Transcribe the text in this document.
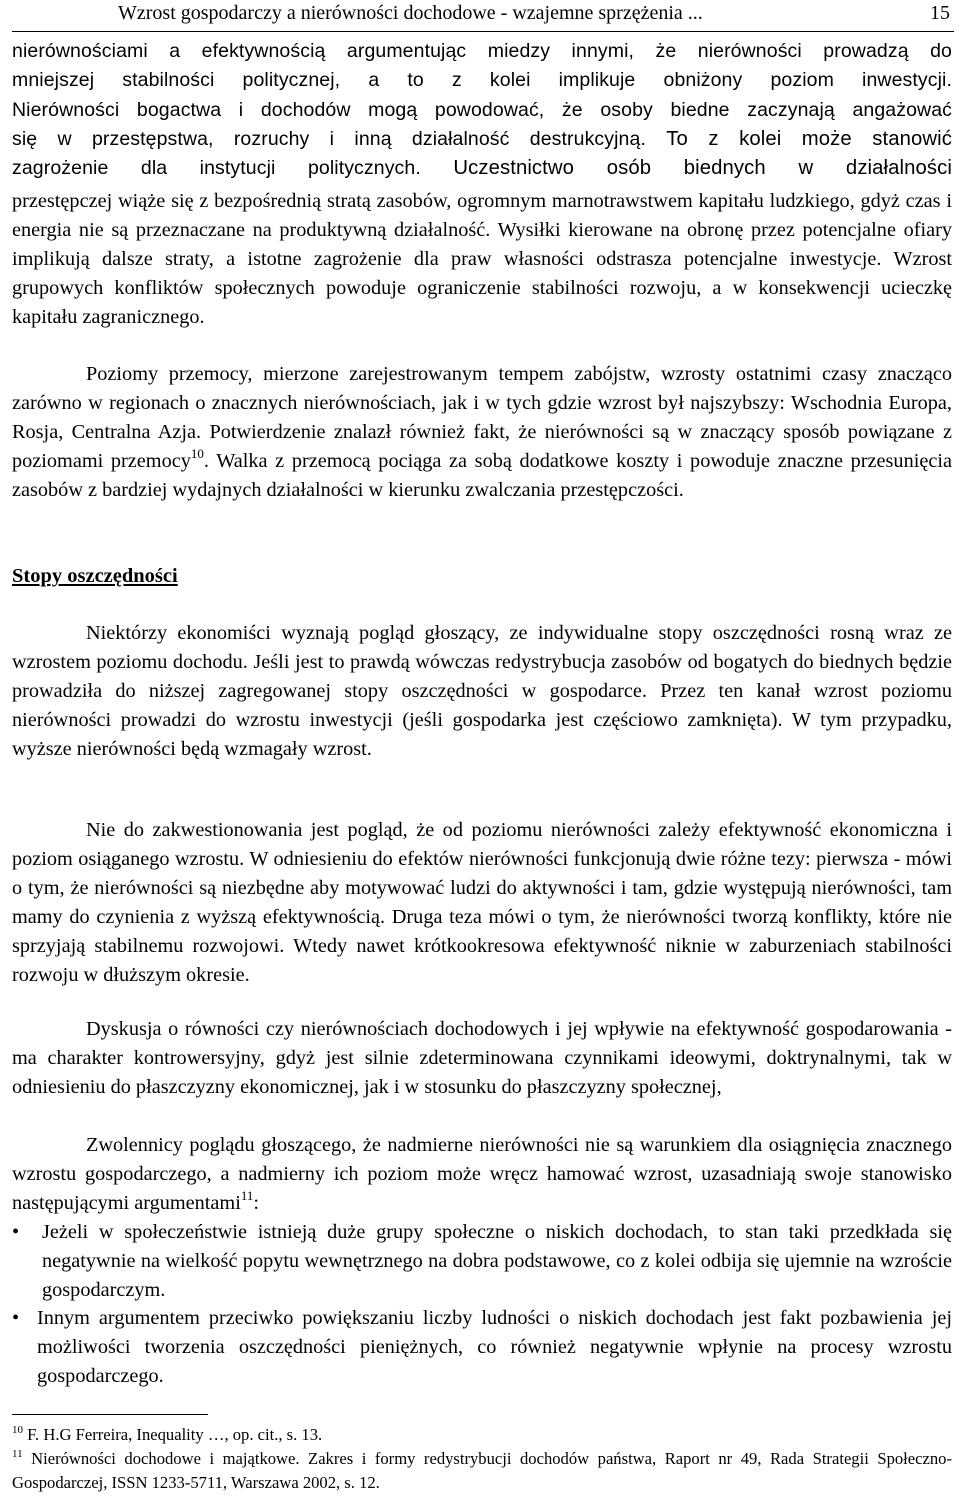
Wzrost gospodarczy a nierówności dochodowe - wzajemne sprzężenia ...	15
nierównościami a efektywnością argumentując miedzy innymi, że nierówności prowadzą do
mniejszej stabilności politycznej, a to z kolei implikuje obniżony poziom inwestycji.
Nierówności bogactwa i dochodów mogą powodować, że osoby biedne zaczynają angażować
się w przestępstwa, rozruchy i inną działalność destrukcyjną. To z kolei może stanowić
zagrożenie dla instytucji politycznych. Uczestnictwo osób biednych w działalności

przestępczej wiąże się z bezpośrednią stratą zasobów, ogromnym marnotrawstwem kapitału ludzkiego, gdyż czas i energia nie są przeznaczane na produktywną działalność. Wysiłki kierowane na obronę przez potencjalne ofiary implikują dalsze straty, a istotne zagrożenie dla praw własności odstrasza potencjalne inwestycje. Wzrost grupowych konfliktów społecznych powoduje ograniczenie stabilności rozwoju, a w konsekwencji ucieczkę kapitału zagranicznego.

Poziomy przemocy, mierzone zarejestrowanym tempem zabójstw, wzrosty ostatnimi czasy znacząco zarówno w regionach o znacznych nierównościach, jak i w tych gdzie wzrost był najszybszy: Wschodnia Europa, Rosja, Centralna Azja. Potwierdzenie znalazł również fakt, że nierówności są w znaczący sposób powiązane z poziomami przemocy$^{10}$. Walka z przemocą pociąga za sobą dodatkowe koszty i powoduje znaczne przesunięcia zasobów z bardziej wydajnych działalności w kierunku zwalczania przestępczości.

Stopy oszczędności

Niektórzy ekonomiści wyznają pogląd głoszący, ze indywidualne stopy oszczędności rosną wraz ze wzrostem poziomu dochodu. Jeśli jest to prawdą wówczas redystrybucja zasobów od bogatych do biednych będzie prowadziła do niższej zagregowanej stopy oszczędności w gospodarce. Przez ten kanał wzrost poziomu nierówności prowadzi do wzrostu inwestycji (jeśli gospodarka jest częściowo zamknięta). W tym przypadku, wyższe nierówności będą wzmagały wzrost.

Nie do zakwestionowania jest pogląd, że od poziomu nierówności zależy efektywność ekonomiczna i poziom osiąganego wzrostu. W odniesieniu do efektów nierówności funkcjonują dwie różne tezy: pierwsza - mówi o tym, że nierówności są niezbędne aby motywować ludzi do aktywności i tam, gdzie występują nierówności, tam mamy do czynienia z wyższą efektywnością. Druga teza mówi o tym, że nierówności tworzą konflikty, które nie sprzyjają stabilnemu rozwojowi. Wtedy nawet krótkookresowa efektywność niknie w zaburzeniach stabilności rozwoju w dłuższym okresie.

Dyskusja o równości czy nierównościach dochodowych i jej wpływie na efektywność gospodarowania - ma charakter kontrowersyjny, gdyż jest silnie zdeterminowana czynnikami ideowymi, doktrynalnymi, tak w odniesieniu do płaszczyzny ekonomicznej, jak i w stosunku do płaszczyzny społecznej,

Zwolennicy poglądu głoszącego, że nadmierne nierówności nie są warunkiem dla osiągnięcia znacznego wzrostu gospodarczego, a nadmierny ich poziom może wręcz hamować wzrost, uzasadniają swoje stanowisko następującymi argumentami$^{11}$:

• Jeżeli w społeczeństwie istnieją duże grupy społeczne o niskich dochodach, to stan taki przedkłada się negatywnie na wielkość popytu wewnętrznego na dobra podstawowe, co z kolei odbija się ujemnie na wzroście gospodarczym.
• Innym argumentem przeciwko powiększaniu liczby ludności o niskich dochodach jest fakt pozbawienia jej możliwości tworzenia oszczędności pieniężnych, co również negatywnie wpłynie na procesy wzrostu gospodarczego.
$^{10}$ F. H.G Ferreira, Inequality …, op. cit., s. 13.
$^{11}$ Nierówności dochodowe i majątkowe. Zakres i formy redystrybucji dochodów państwa, Raport nr 49, Rada Strategii Społeczno-Gospodarczej, ISSN 1233-5711, Warszawa 2002, s. 12.
